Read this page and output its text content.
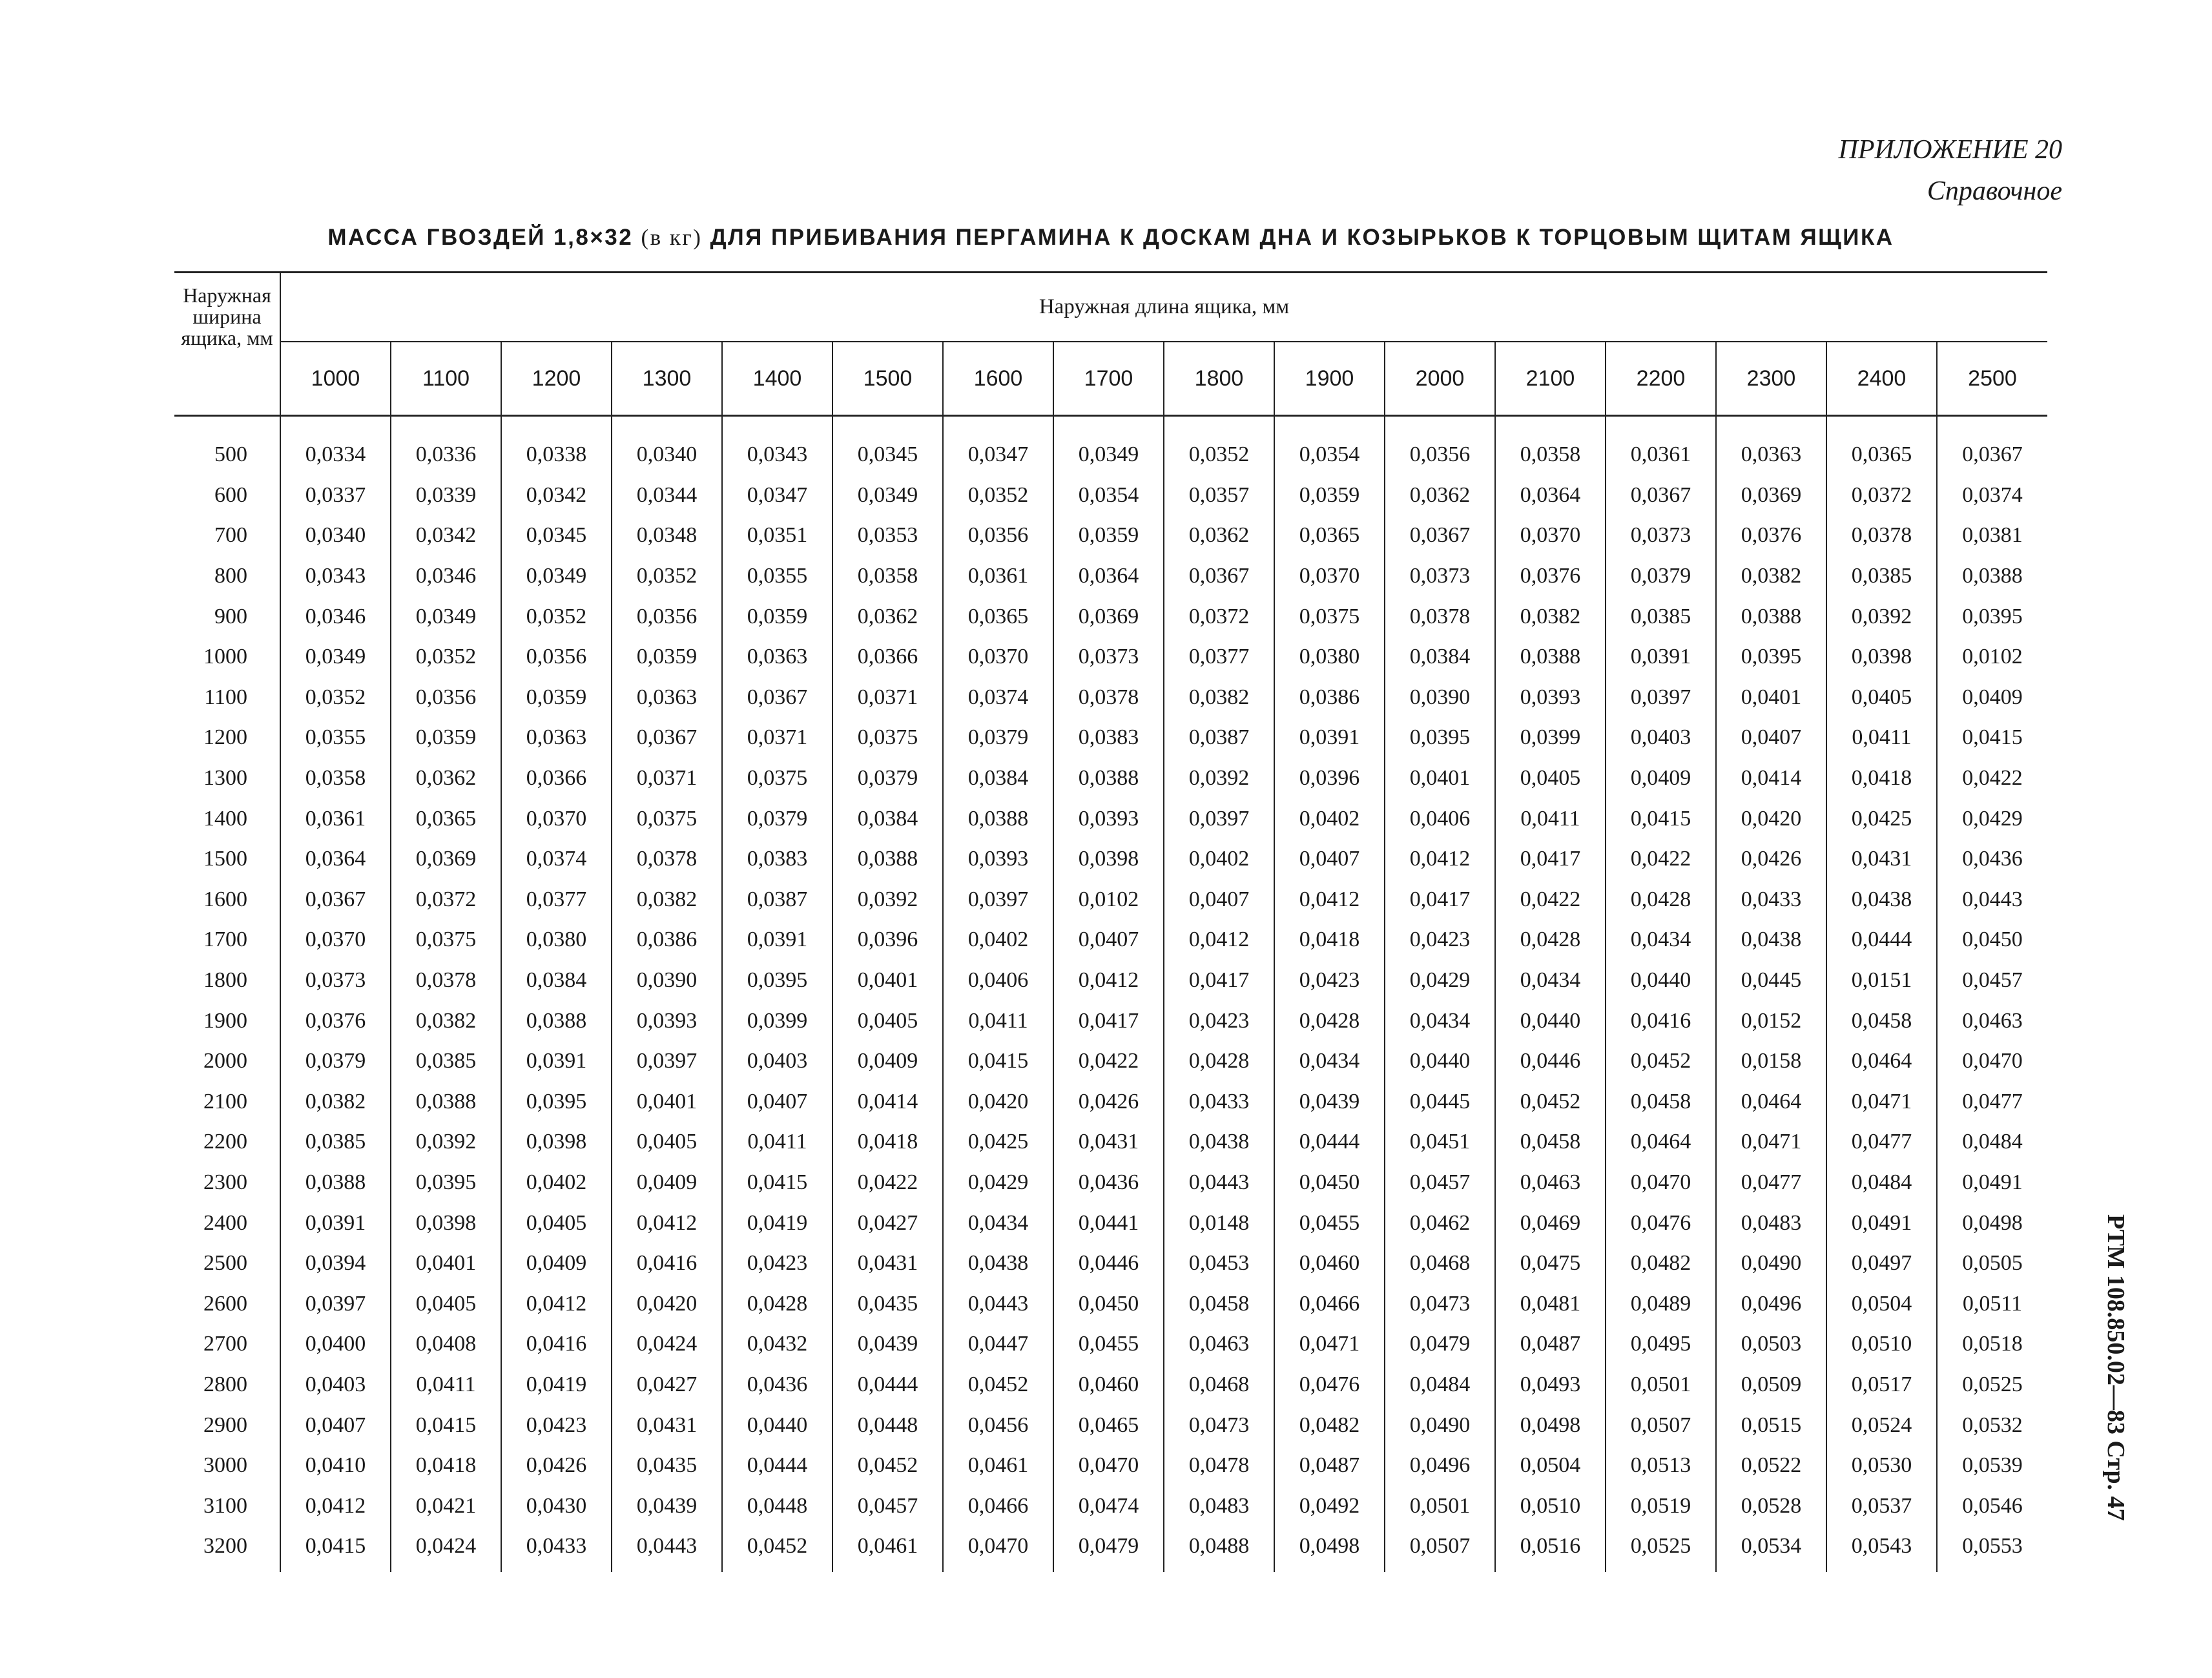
ПРИЛОЖЕНИЕ 20
Справочное
МАССА ГВОЗДЕЙ 1,8×32 (в кг) ДЛЯ ПРИБИВАНИЯ ПЕРГАМИНА К ДОСКАМ ДНА И КОЗЫРЬКОВ К ТОРЦОВЫМ ЩИТАМ ЯЩИКА
Наружная ширина ящика, мм	Наружная длина ящика, мм															
	1000	1100	1200	1300	1400	1500	1600	1700	1800	1900	2000	2100	2200	2300	2400	2500
500	0,0334	0,0336	0,0338	0,0340	0,0343	0,0345	0,0347	0,0349	0,0352	0,0354	0,0356	0,0358	0,0361	0,0363	0,0365	0,0367
600	0,0337	0,0339	0,0342	0,0344	0,0347	0,0349	0,0352	0,0354	0,0357	0,0359	0,0362	0,0364	0,0367	0,0369	0,0372	0,0374
700	0,0340	0,0342	0,0345	0,0348	0,0351	0,0353	0,0356	0,0359	0,0362	0,0365	0,0367	0,0370	0,0373	0,0376	0,0378	0,0381
800	0,0343	0,0346	0,0349	0,0352	0,0355	0,0358	0,0361	0,0364	0,0367	0,0370	0,0373	0,0376	0,0379	0,0382	0,0385	0,0388
900	0,0346	0,0349	0,0352	0,0356	0,0359	0,0362	0,0365	0,0369	0,0372	0,0375	0,0378	0,0382	0,0385	0,0388	0,0392	0,0395
1000	0,0349	0,0352	0,0356	0,0359	0,0363	0,0366	0,0370	0,0373	0,0377	0,0380	0,0384	0,0388	0,0391	0,0395	0,0398	0,0102
1100	0,0352	0,0356	0,0359	0,0363	0,0367	0,0371	0,0374	0,0378	0,0382	0,0386	0,0390	0,0393	0,0397	0,0401	0,0405	0,0409
1200	0,0355	0,0359	0,0363	0,0367	0,0371	0,0375	0,0379	0,0383	0,0387	0,0391	0,0395	0,0399	0,0403	0,0407	0,0411	0,0415
1300	0,0358	0,0362	0,0366	0,0371	0,0375	0,0379	0,0384	0,0388	0,0392	0,0396	0,0401	0,0405	0,0409	0,0414	0,0418	0,0422
1400	0,0361	0,0365	0,0370	0,0375	0,0379	0,0384	0,0388	0,0393	0,0397	0,0402	0,0406	0,0411	0,0415	0,0420	0,0425	0,0429
1500	0,0364	0,0369	0,0374	0,0378	0,0383	0,0388	0,0393	0,0398	0,0402	0,0407	0,0412	0,0417	0,0422	0,0426	0,0431	0,0436
1600	0,0367	0,0372	0,0377	0,0382	0,0387	0,0392	0,0397	0,0102	0,0407	0,0412	0,0417	0,0422	0,0428	0,0433	0,0438	0,0443
1700	0,0370	0,0375	0,0380	0,0386	0,0391	0,0396	0,0402	0,0407	0,0412	0,0418	0,0423	0,0428	0,0434	0,0438	0,0444	0,0450
1800	0,0373	0,0378	0,0384	0,0390	0,0395	0,0401	0,0406	0,0412	0,0417	0,0423	0,0429	0,0434	0,0440	0,0445	0,0151	0,0457
1900	0,0376	0,0382	0,0388	0,0393	0,0399	0,0405	0,0411	0,0417	0,0423	0,0428	0,0434	0,0440	0,0416	0,0152	0,0458	0,0463
2000	0,0379	0,0385	0,0391	0,0397	0,0403	0,0409	0,0415	0,0422	0,0428	0,0434	0,0440	0,0446	0,0452	0,0158	0,0464	0,0470
2100	0,0382	0,0388	0,0395	0,0401	0,0407	0,0414	0,0420	0,0426	0,0433	0,0439	0,0445	0,0452	0,0458	0,0464	0,0471	0,0477
2200	0,0385	0,0392	0,0398	0,0405	0,0411	0,0418	0,0425	0,0431	0,0438	0,0444	0,0451	0,0458	0,0464	0,0471	0,0477	0,0484
2300	0,0388	0,0395	0,0402	0,0409	0,0415	0,0422	0,0429	0,0436	0,0443	0,0450	0,0457	0,0463	0,0470	0,0477	0,0484	0,0491
2400	0,0391	0,0398	0,0405	0,0412	0,0419	0,0427	0,0434	0,0441	0,0148	0,0455	0,0462	0,0469	0,0476	0,0483	0,0491	0,0498
2500	0,0394	0,0401	0,0409	0,0416	0,0423	0,0431	0,0438	0,0446	0,0453	0,0460	0,0468	0,0475	0,0482	0,0490	0,0497	0,0505
2600	0,0397	0,0405	0,0412	0,0420	0,0428	0,0435	0,0443	0,0450	0,0458	0,0466	0,0473	0,0481	0,0489	0,0496	0,0504	0,0511
2700	0,0400	0,0408	0,0416	0,0424	0,0432	0,0439	0,0447	0,0455	0,0463	0,0471	0,0479	0,0487	0,0495	0,0503	0,0510	0,0518
2800	0,0403	0,0411	0,0419	0,0427	0,0436	0,0444	0,0452	0,0460	0,0468	0,0476	0,0484	0,0493	0,0501	0,0509	0,0517	0,0525
2900	0,0407	0,0415	0,0423	0,0431	0,0440	0,0448	0,0456	0,0465	0,0473	0,0482	0,0490	0,0498	0,0507	0,0515	0,0524	0,0532
3000	0,0410	0,0418	0,0426	0,0435	0,0444	0,0452	0,0461	0,0470	0,0478	0,0487	0,0496	0,0504	0,0513	0,0522	0,0530	0,0539
3100	0,0412	0,0421	0,0430	0,0439	0,0448	0,0457	0,0466	0,0474	0,0483	0,0492	0,0501	0,0510	0,0519	0,0528	0,0537	0,0546
3200	0,0415	0,0424	0,0433	0,0443	0,0452	0,0461	0,0470	0,0479	0,0488	0,0498	0,0507	0,0516	0,0525	0,0534	0,0543	0,0553
РТМ 108.850.02—83 Стр. 47
